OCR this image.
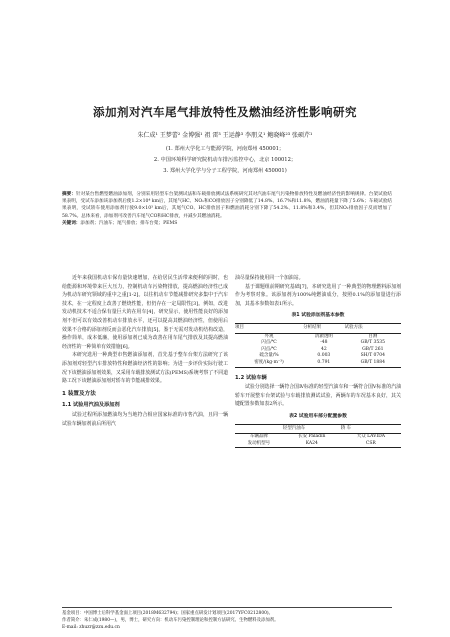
添加剂对汽车尾气排放特性及燃油经济性影响研究
朱仁成¹ 王梦蕾² 金博强¹ 祖 雷³ 王运静³ 李朋义¹ 鲍晓峰²³ 张硕芹¹
(1. 郑州大学化工与能源学院，河南郑州 450001；
2. 中国环境科学研究院机动车排污监控中心，北京 100012；
3. 郑州大学化学与分子工程学院，河南郑州 450001)
摘要：针对某台售燃型燃油添加剂，分别采用轻型车台架测试法和车载排放测试法系统研究其对汽油车尾气污染物排放特性及燃油经济性的影响规律。台架试验结果表明，受试车添加该添加剂后使1.2×10⁴ km后，其尾气HC、NOₓ和CO排放因子分别降低了14.8%、16.7%和11.8%，燃油消耗量下降了5.6%；车载试验结果表明，受试轿车使用添加剂行驶9.0×10³ km后，其尾气CO、HC排放因子和燃油消耗分别下降了54.2%、11.8%和3.4%，但其NOₓ排放因子反而增加了58.7%。总体来看，添加剂可改善汽车尾气CO和HC排放，并减少其燃油消耗。
关键词：添加剂；汽油车；尾气排放；排车台架；PEMS

近年来我国机动车保有量快速增加，在给居民生活带来便利的同时，也给能源和环境带来巨大压力，控制机动车污染物排放，提高燃油经济性已成为机动车研究领域的重中之重[1-2]。以往机动车节能减排研究多集中于汽车技术，在一定程度上改善了燃烧性能，但仍存在一定局限性[3]。例如，改进发动机技术不适合保有量巨大的在用车[4]，研究显示，使用性能良好的添加剂不但可以有效改善机动车排放水平，还可以提高其燃油经济性，但使用后效果不合格的添加剂反而会恶化汽车排放[5]。鉴于无需对发动机结构改造，操作简单，成本低廉，使用添加剂已成为改善在用车尾气排放及其提高燃油经济性的一种简单有效措施[6]。

本研究选用一种典型市售燃油添加剂，首先基于整车台架方法研究了该添加剂对轻型汽车排放特性和燃油经济性的影响；为进一步评价实际行驶工况下该燃油添加剂效果，又采用车载排放测试方法(PEMS)系统考察了不同道路工况下该燃油添加剂对轿车的节能减排效果。

1 装置及方法
1.1 试验用汽油及添加剂

试验过程所添加燃油均为当地符合相应国家标准的市售汽油，且同一辆试验车辆加剂前后所用汽

油尽量保持使用同一个加油站。

基于课题组前期研究基础[7]，本研究选用了一种典型的物理燃料添加剂作为考察对象。该添加剂为100%纯燃油成分，按照0.1%的添加量进行添加，其基本参数如表1所示。

表1 试验添加剂基本参数
项目	分析结果	试验方法
外观	清澈透明	目测
闪点/℃	-48	GB/T 3535
闪点/℃	42	GB/T 261
硫含量/%	0.003	SH/T 0704
密度/(kg·m⁻³)	0.791	GB/T 1884
1.2 试验车辆

试验分别选择一辆符合国Ⅳ标准的轻型汽油车和一辆符合国Ⅴ标准的汽油轿车开展整车台架试验与车载排放测试试验，两辆车的车况基本良好，其关键配置参数如表2所示。

表2 试验用车部分配置参数
	轻型汽油车	轿 车
车辆品牌	长安 Paladin	大众 LAVIDA
发动机型号	KA24	CSR
基金项目：中国博士后科学基金面上项目(2018M632794)；国家重点研发计划项目(2017YFC0212800)。
作者简介：朱仁成(1980—)，男，博士，研究方向：机动车污染控制理论和控制方法研究、生物燃料及添加剂。
E-mail: zhuzr@zzu.edu.cn
